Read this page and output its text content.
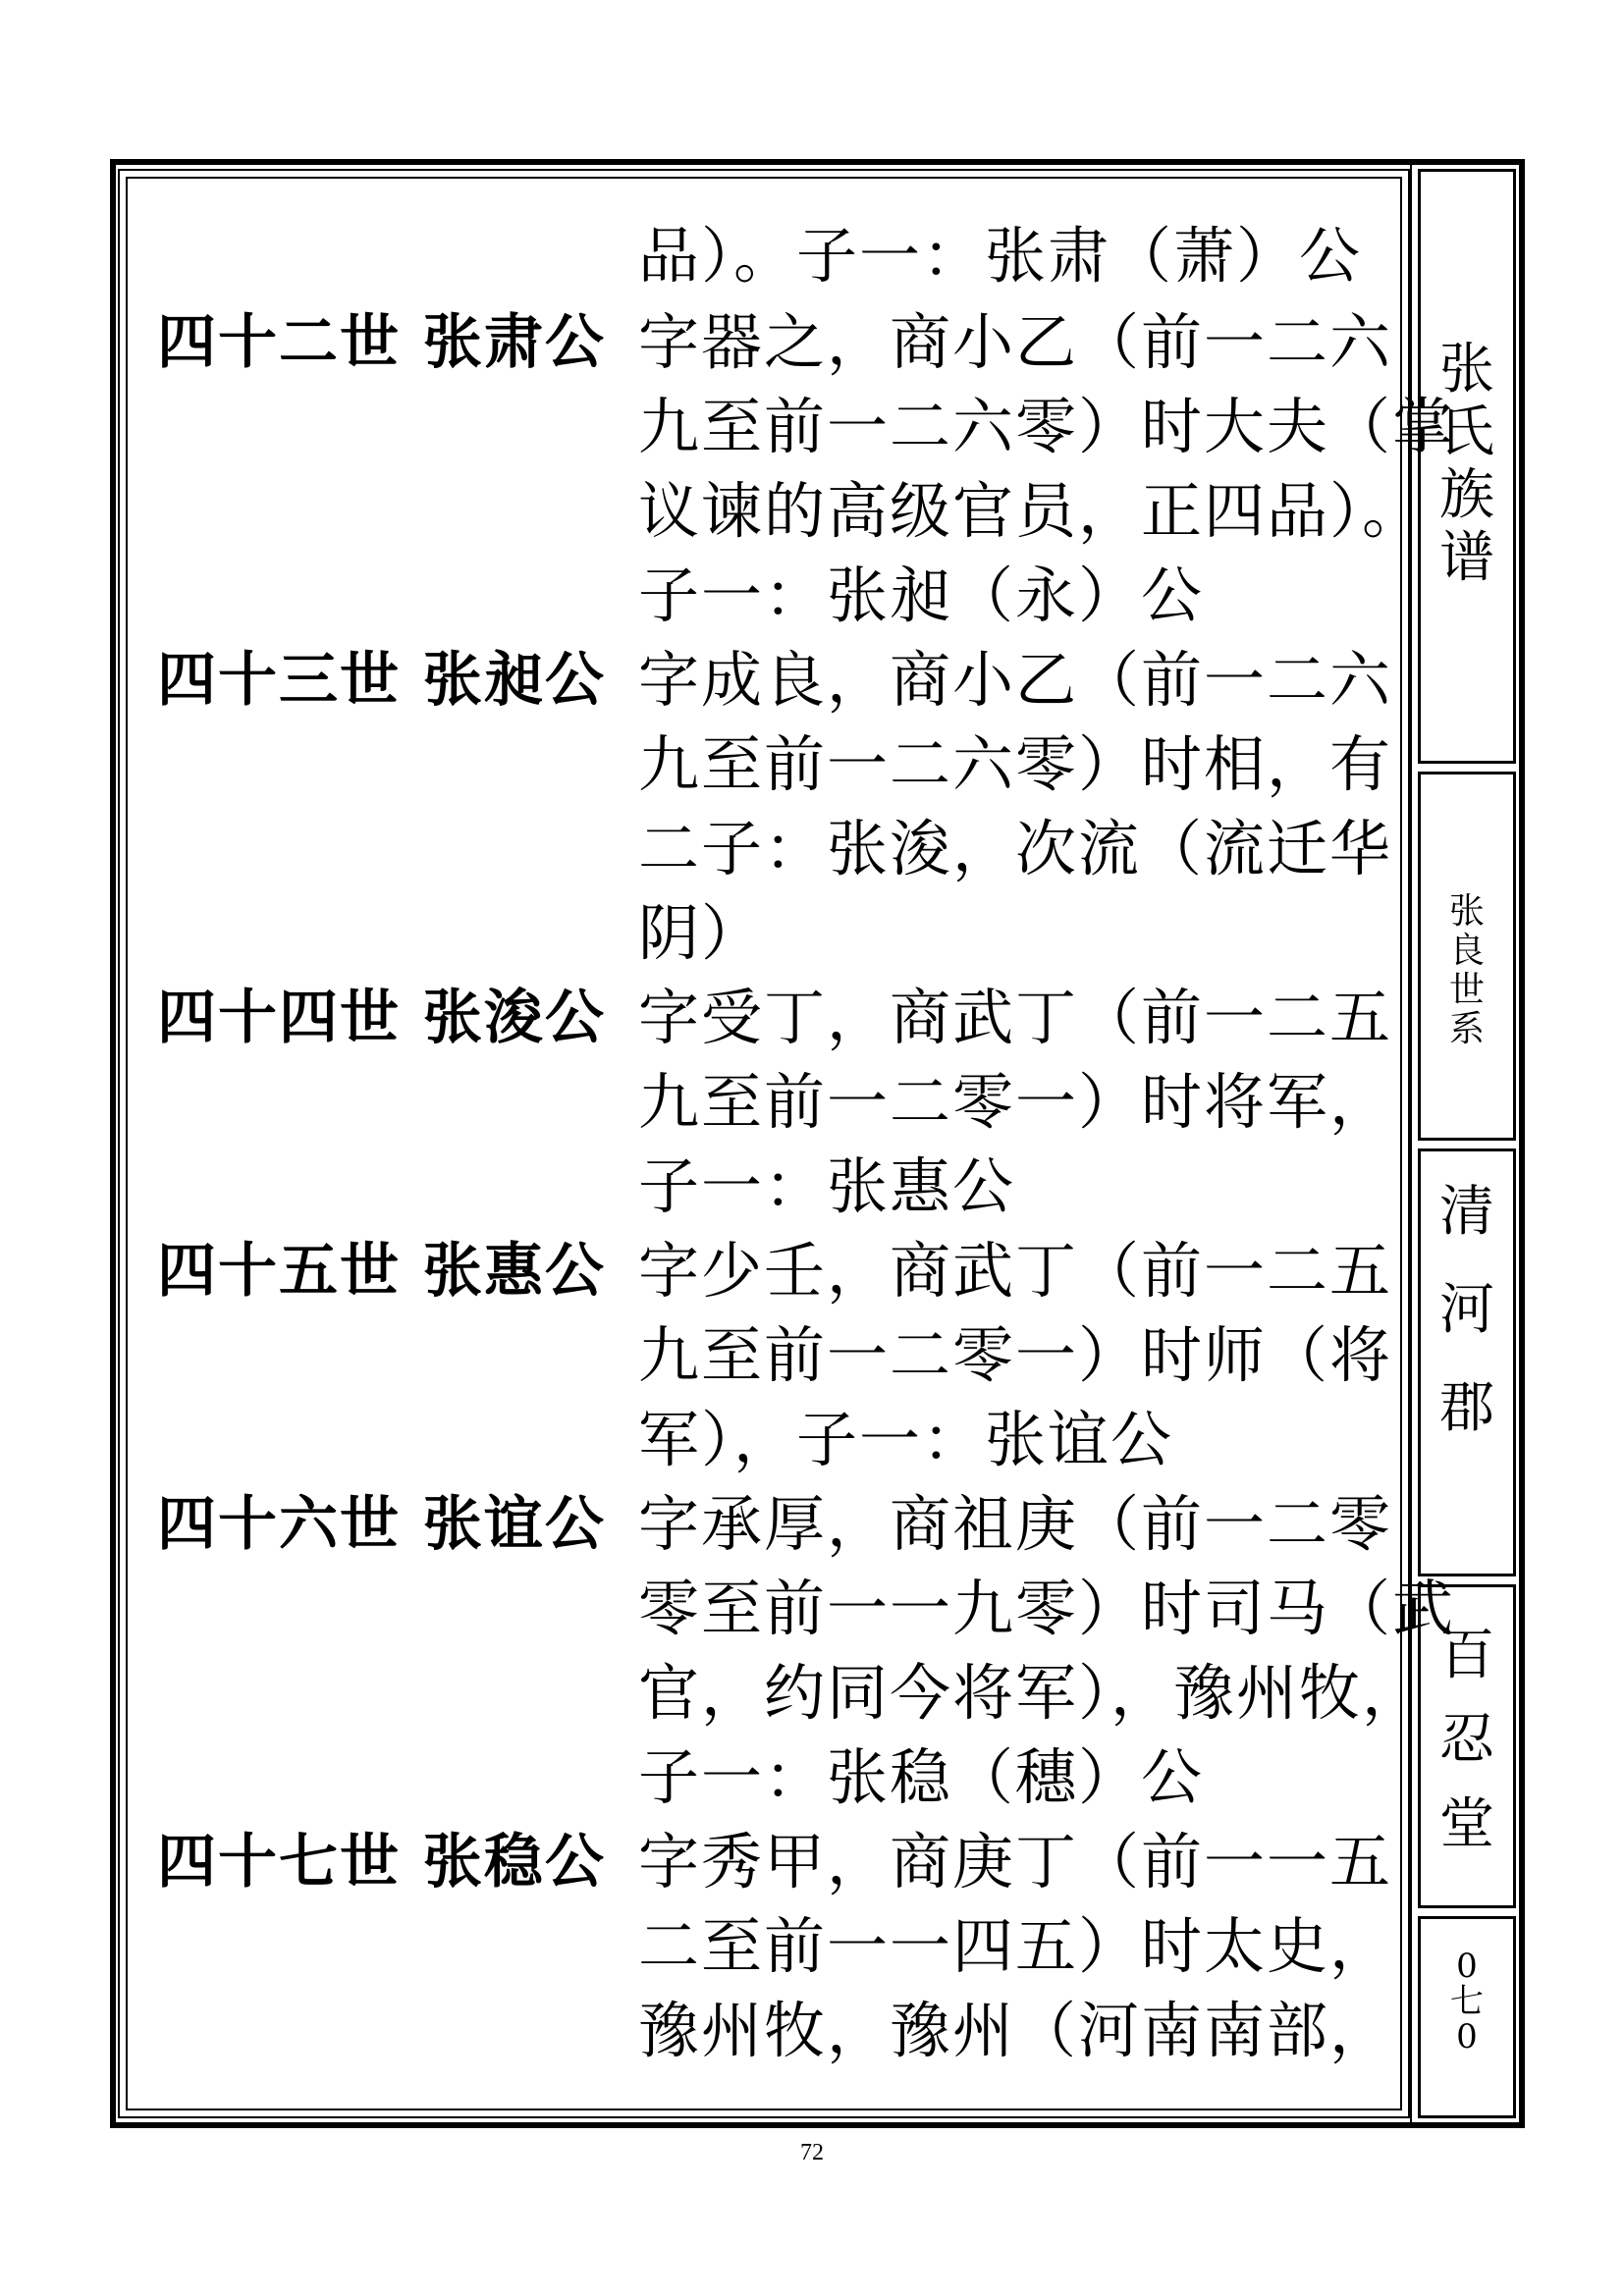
品）。子一：张肃（萧）公
四十二世 张肃公 字器之，商小乙（前一二六
九至前一二六零）时大夫（掌
议谏的高级官员，正四品）。
子一：张昶（永）公
四十三世 张昶公 字成良，商小乙（前一二六
九至前一二六零）时相，有
二子：张浚，次流（流迁华
阴）
四十四世 张浚公 字受丁，商武丁（前一二五
九至前一二零一）时将军，
子一：张惠公
四十五世 张惠公 字少壬，商武丁（前一二五
九至前一二零一）时师（将
军），子一：张谊公
四十六世 张谊公 字承厚，商祖庚（前一二零
零至前一一九零）时司马（武
官，约同今将军），豫州牧，
子一：张稳（穗）公
四十七世 张稳公 字秀甲，商庚丁（前一一五
二至前一一四五）时太史，
豫州牧，豫州（河南南部，
张
氏
族
谱
张
良
世
系
清
河
郡
百
忍
堂
0
七
0
72
